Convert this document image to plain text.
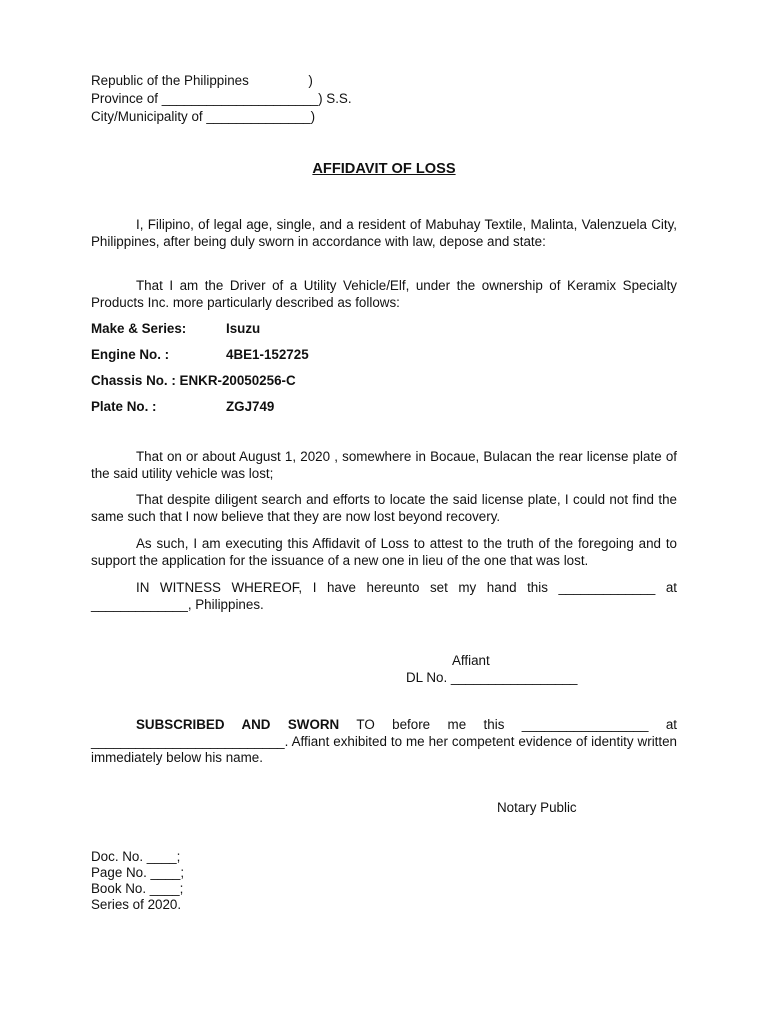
Republic of the Philippines                )
Province of _____________________) S.S.
City/Municipality of ______________)
AFFIDAVIT OF LOSS
I, Filipino, of legal age, single, and a resident of Mabuhay Textile, Malinta, Valenzuela City, Philippines, after being duly sworn in accordance with law, depose and state:
That I am the Driver of a Utility Vehicle/Elf, under the ownership of Keramix Specialty Products Inc. more particularly described as follows:
Make & Series:	Isuzu
Engine No. :	4BE1-152725
Chassis No. : ENKR-20050256-C
Plate No. :	ZGJ749
That on or about August 1, 2020 , somewhere in Bocaue, Bulacan the rear license plate of the said utility vehicle was lost;
That despite diligent search and efforts to locate the said license plate, I could not find the same such that I now believe that they are now lost beyond recovery.
As such, I am executing this Affidavit of Loss to attest to the truth of the foregoing and to support the application for the issuance of a new one in lieu of the one that was lost.
IN WITNESS WHEREOF, I have hereunto set my hand this _____________ at _____________, Philippines.
Affiant
DL No. _________________
SUBSCRIBED AND SWORN TO before me this _________________ at __________________________. Affiant exhibited to me her competent evidence of identity written immediately below his name.
Notary Public
Doc. No. ____;
Page No. ____;
Book No. ____;
Series of 2020.
